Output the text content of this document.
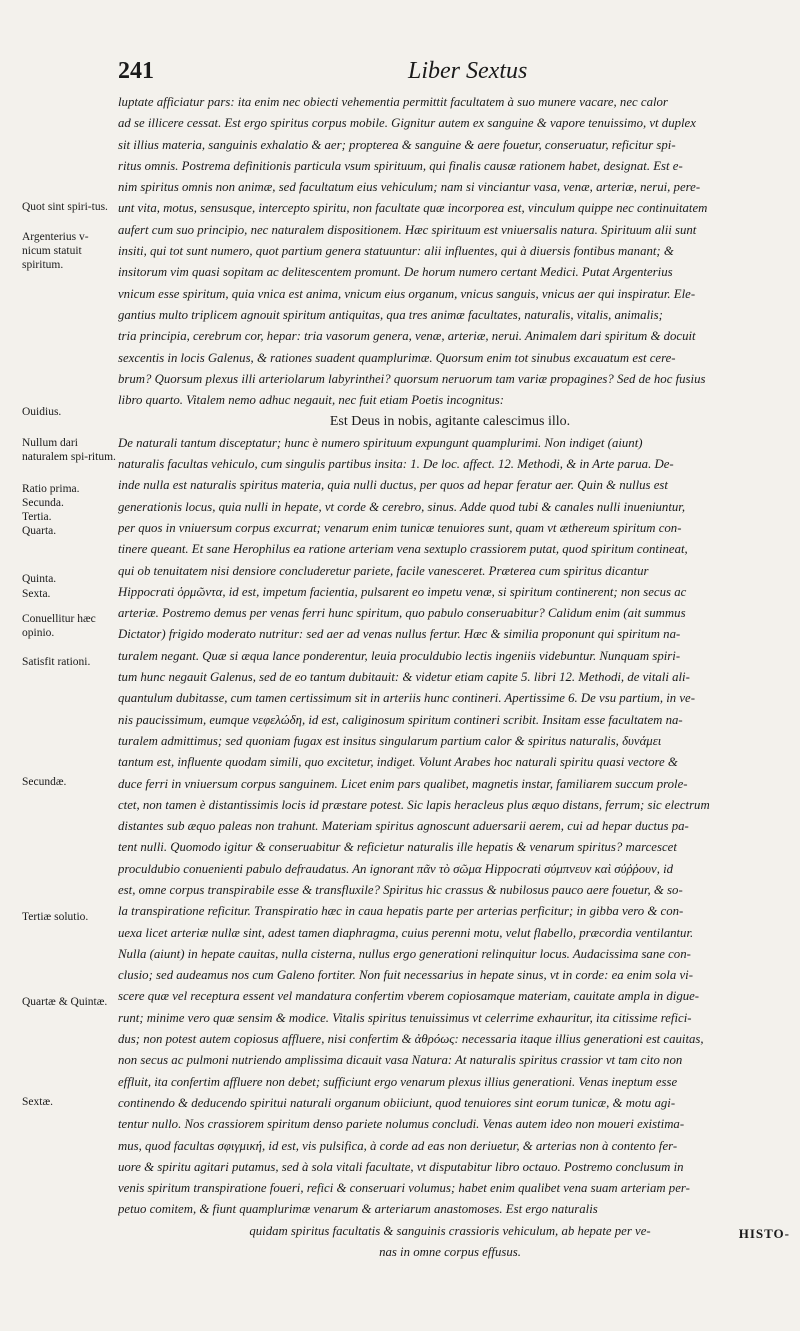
241	Liber Sextus
Quot sint spiri-tus.
Argenterius v-nicum statuit spiritum.
Ouidius.
Nullum dari naturalem spi-ritum.
Ratio prima.
Secunda.
Tertia.
Quarta.
Quinta.
Sexta.
Conuellitur hæc opinio.
Satisfit rationi.
Secundæ.
Tertiæ solutio.
Quartæ & Quintæ.
Sextæ.
luptate afficiatur pars: ita enim nec obiecti vehementia permittit facultatem à suo munere vacare, nec calor
ad se illicere cessat. Est ergo spiritus corpus mobile. Gignitur autem ex sanguine & vapore tenuissimo, vt duplex
sit illius materia, sanguinis exhalatio & aer; propterea & sanguine & aere fouetur, conseruatur, reficitur spi-
ritus omnis. Postrema definitionis particula vsum spirituum, qui finalis causæ rationem habet, designat. Est e-
nim spiritus omnis non animæ, sed facultatum eius vehiculum; nam si vinciantur vasa, venæ, arteriæ, nerui, pere-
unt vita, motus, sensusque, intercepto spiritu, non facultate quæ incorporea est, vinculum quippe nec continuitatem
aufert cum suo principio, nec naturalem dispositionem. Hæc spirituum est vniuersalis natura. Spirituum alii sunt
insiti, qui tot sunt numero, quot partium genera statuuntur: alii influentes, qui à diuersis fontibus manant; &
insitorum vim quasi sopitam ac delitescentem promunt. De horum numero certant Medici. Putat Argenterius
vnicum esse spiritum, quia vnica est anima, vnicum eius organum, vnicus sanguis, vnicus aer qui inspiratur. Ele-
gantius multo triplicem agnouit spiritum antiquitas, qua tres animæ facultates, naturalis, vitalis, animalis;
tria principia, cerebrum cor, hepar: tria vasorum genera, venæ, arteriæ, nerui. Animalem dari spiritum & docuit
sexcentis in locis Galenus, & rationes suadent quamplurimæ. Quorsum enim tot sinubus excauatum est cere-
brum? Quorsum plexus illi arteriolarum labyrinthei? quorsum neruorum tam variæ propagines? Sed de hoc fusius
libro quarto. Vitalem nemo adhuc negauit, nec fuit etiam Poetis incognitus:
Est Deus in nobis, agitante calescimus illo.
De naturali tantum disceptatur; hunc è numero spirituum expungunt quamplurimi. Non indiget (aiunt)
naturalis facultas vehiculo, cum singulis partibus insita: 1. De loc. affect. 12. Methodi, & in Arte parua. De-
inde nulla est naturalis spiritus materia, quia nulli ductus, per quos ad hepar feratur aer. Quin & nullus est
generationis locus, quia nulli in hepate, vt corde & cerebro, sinus. Adde quod tubi & canales nulli inueniuntur,
per quos in vniuersum corpus excurrat; venarum enim tunicæ tenuiores sunt, quam vt æthereum spiritum con-
tinere queant. Et sane Herophilus ea ratione arteriam vena sextuplo crassiorem putat, quod spiritum contineat,
qui ob tenuitatem nisi densiore concluderetur pariete, facile vanesceret. Præterea cum spiritus dicantur
Hippocrati ὁρμῶντα, id est, impetum facientia, pulsarent eo impetu venæ, si spiritum continerent; non secus ac
arteriæ. Postremo demus per venas ferri hunc spiritum, quo pabulo conseruabitur? Calidum enim (ait summus
Dictator) frigido moderato nutritur: sed aer ad venas nullus fertur. Hæc & similia proponunt qui spiritum na-
turalem negant. Quæ si æqua lance ponderentur, leuia proculdubio lectis ingeniis videbuntur. Nunquam spiri-
tum hunc negauit Galenus, sed de eo tantum dubitauit: & videtur etiam capite 5. libri 12. Methodi, de vitali ali-
quantulum dubitasse, cum tamen certissimum sit in arteriis hunc contineri. Apertissime 6. De vsu partium, in ve-
nis paucissimum, eumque νεφελώδη, id est, caliginosum spiritum contineri scribit. Insitam esse facultatem na-
turalem admittimus; sed quoniam fugax est insitus singularum partium calor & spiritus naturalis, δυνάμει
tantum est, influente quodam simili, quo excitetur, indiget. Volunt Arabes hoc naturali spiritu quasi vectore &
duce ferri in vniuersum corpus sanguinem. Licet enim pars qualibet, magnetis instar, familiarem succum prole-
ctet, non tamen è distantissimis locis id præstare potest. Sic lapis heracleus plus æquo distans, ferrum; sic electrum
distantes sub æquo paleas non trahunt. Materiam spiritus agnoscunt aduersarii aerem, cui ad hepar ductus pa-
tent nulli. Quomodo igitur & conseruabitur & reficietur naturalis ille hepatis & venarum spiritus? marcescet
proculdubio conuenienti pabulo defraudatus. An ignorant πᾶν τὸ σῶμα Hippocrati σύμπνευν καὶ σύῤῥουν, id
est, omne corpus transpirabile esse & transfluxile? Spiritus hic crassus & nubilosus pauco aere fouetur, & so-
la transpiratione reficitur. Transpiratio hæc in caua hepatis parte per arterias perficitur; in gibba vero & con-
uexa licet arteriæ nullæ sint, adest tamen diaphragma, cuius perenni motu, velut flabello, præcordia ventilantur.
Nulla (aiunt) in hepate cauitas, nulla cisterna, nullus ergo generationi relinquitur locus. Audacissima sane con-
clusio; sed audeamus nos cum Galeno fortiter. Non fuit necessarius in hepate sinus, vt in corde: ea enim sola vi-
scere quæ vel receptura essent vel mandatura confertim vberem copiosamque materiam, cauitate ampla in digue-
runt; minime vero quæ sensim & modice. Vitalis spiritus tenuissimus vt celerrime exhauritur, ita citissime refici-
dus; non potest autem copiosus affluere, nisi confertim & ἀθρόως: necessaria itaque illius generationi est cauitas,
non secus ac pulmoni nutriendo amplissima dicauit vasa Natura: At naturalis spiritus crassior vt tam cito non
effluit, ita confertim affluere non debet; sufficiunt ergo venarum plexus illius generationi. Venas ineptum esse
continendo & deducendo spiritui naturali organum obiiciunt, quod tenuiores sint eorum tunicæ, & motu agi-
tentur nullo. Nos crassiorem spiritum denso pariete nolumus concludi. Venas autem ideo non moueri existima-
mus, quod facultas σφιγμική, id est, vis pulsifica, à corde ad eas non deriuetur, & arterias non à contento fer-
uore & spiritu agitari putamus, sed à sola vitali facultate, vt disputabitur libro octauo. Postremo conclusum in
venis spiritum transpiratione foueri, refici & conseruari volumus; habet enim qualibet vena suam arteriam per-
petuo comitem, & fiunt quamplurimæ venarum & arteriarum anastomoses. Est ergo naturalis
quidam spiritus facultatis & sanguinis crassioris vehiculum, ab hepate per ve-
nas in omne corpus effusus.
HISTO-
